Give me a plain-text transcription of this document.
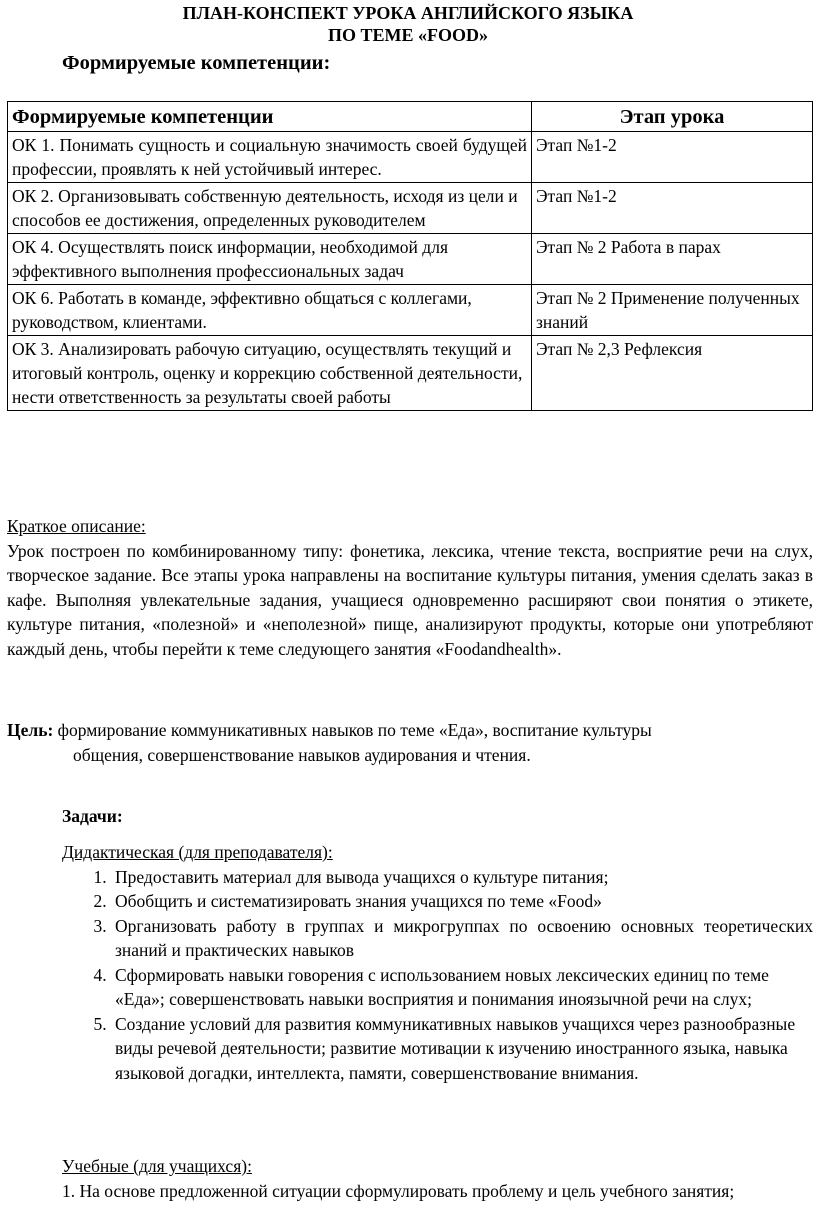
ПЛАН-КОНСПЕКТ УРОКА АНГЛИЙСКОГО ЯЗЫКА
ПО ТЕМЕ «FOOD»
Формируемые компетенции:
Формируемые компетенции	Этап урока
ОК 1. Понимать сущность и социальную значимость своей будущей профессии, проявлять к ней устойчивый интерес.	Этап №1-2
ОК 2. Организовывать собственную деятельность, исходя из цели и способов ее достижения, определенных руководителем	Этап №1-2
ОК 4. Осуществлять поиск информации, необходимой для эффективного выполнения профессиональных задач	Этап № 2 Работа в парах
ОК 6. Работать в команде, эффективно общаться с коллегами, руководством, клиентами.	Этап № 2 Применение полученных знаний
ОК 3. Анализировать рабочую ситуацию, осуществлять текущий и итоговый контроль, оценку и коррекцию собственной деятельности, нести ответственность за результаты своей работы	Этап № 2,3 Рефлексия
Краткое описание:
Урок построен по комбинированному типу: фонетика, лексика, чтение текста, восприятие речи на слух, творческое задание. Все этапы урока направлены на воспитание культуры питания, умения сделать заказ в кафе. Выполняя увлекательные задания, учащиеся одновременно расширяют свои понятия о этикете, культуре питания, «полезной» и «неполезной» пище, анализируют продукты, которые они употребляют каждый день, чтобы перейти к теме следующего занятия «Foodandhealth».
Цель: формирование коммуникативных навыков по теме «Еда», воспитание культуры
общения, совершенствование навыков аудирования и чтения.
Задачи:
Дидактическая (для преподавателя):
1. Предоставить материал для вывода учащихся о культуре питания;
2. Обобщить и систематизировать знания учащихся по теме «Food»
3. Организовать работу в группах и микрогруппах по освоению основных теоретических знаний и практических навыков
4. Сформировать навыки говорения с использованием новых лексических единиц по теме «Еда»; совершенствовать навыки восприятия и понимания иноязычной речи на слух;
5. Создание условий для развития коммуникативных навыков учащихся через разнообразные виды речевой деятельности; развитие мотивации к изучению иностранного языка, навыка языковой догадки, интеллекта, памяти, совершенствование внимания.
Учебные (для учащихся):
1. На основе предложенной ситуации сформулировать проблему и цель учебного занятия;
